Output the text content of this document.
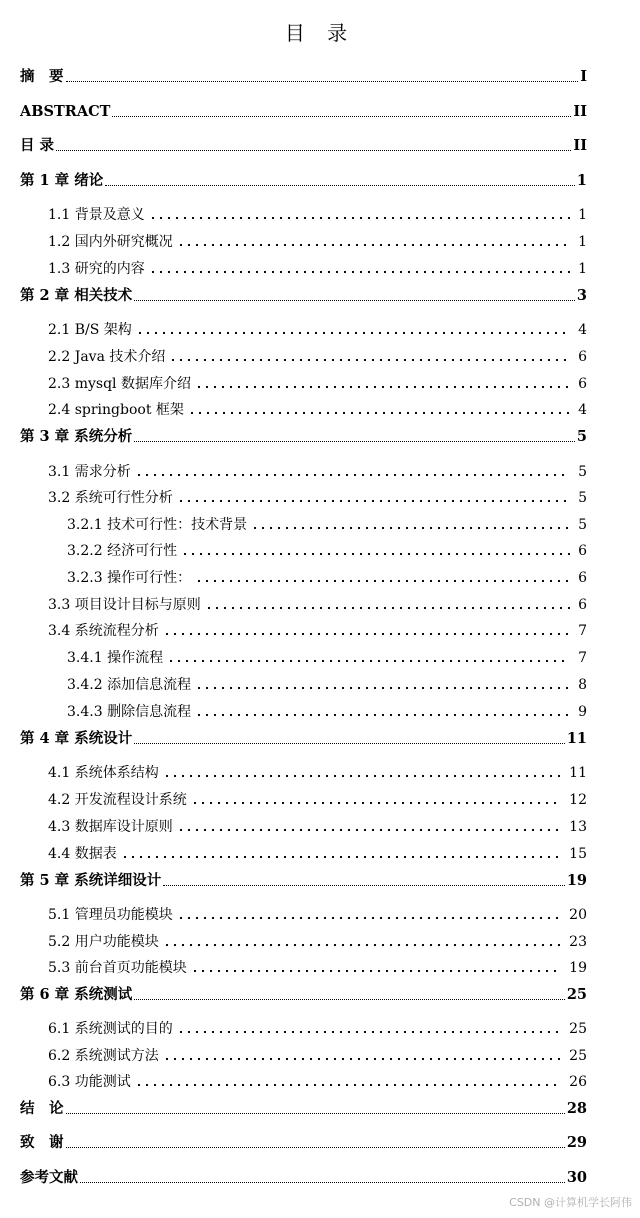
目 录
摘　要	I
ABSTRACT	II
目 录	II
第 1 章 绪论	1
1.1 背景及意义	1
1.2 国内外研究概况	1
1.3 研究的内容	1
第 2 章 相关技术	3
2.1 B/S 架构	4
2.2 Java 技术介绍	6
2.3 mysql 数据库介绍	6
2.4 springboot 框架	4
第 3 章 系统分析	5
3.1 需求分析	5
3.2 系统可行性分析	5
3.2.1 技术可行性：技术背景	5
3.2.2 经济可行性	6
3.2.3 操作可行性：	6
3.3 项目设计目标与原则	6
3.4 系统流程分析	7
3.4.1 操作流程	7
3.4.2 添加信息流程	8
3.4.3 删除信息流程	9
第 4 章 系统设计	11
4.1 系统体系结构	11
4.2 开发流程设计系统	12
4.3 数据库设计原则	13
4.4 数据表	15
第 5 章 系统详细设计	19
5.1 管理员功能模块	20
5.2 用户功能模块	23
5.3 前台首页功能模块	19
第 6 章 系统测试	25
6.1 系统测试的目的	25
6.2 系统测试方法	25
6.3 功能测试	26
结　论	28
致　谢	29
参考文献	30
CSDN @计算机学长阿伟
